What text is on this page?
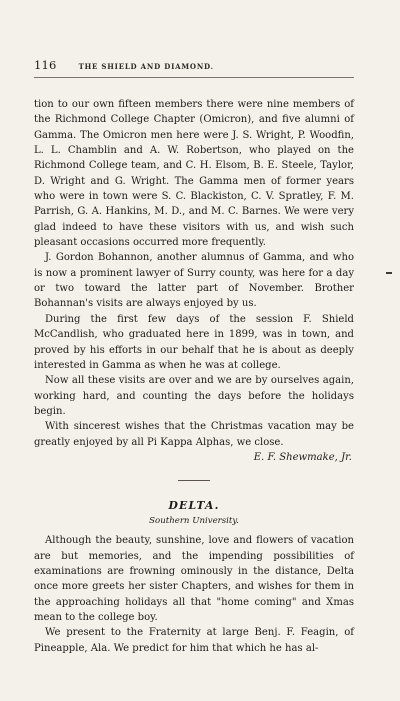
116	THE SHIELD AND DIAMOND.

tion to our own fifteen members there were nine members of the Richmond College Chapter (Omicron), and five alumni of Gamma. The Omicron men here were J. S. Wright, P. Woodfin, L. L. Chamblin and A. W. Robertson, who played on the Richmond College team, and C. H. Elsom, B. E. Steele, Taylor, D. Wright and G. Wright. The Gamma men of former years who were in town were S. C. Blackiston, C. V. Spratley, F. M. Parrish, G. A. Hankins, M. D., and M. C. Barnes. We were very glad indeed to have these visitors with us, and wish such pleasant occasions occurred more frequently.

J. Gordon Bohannon, another alumnus of Gamma, and who is now a prominent lawyer of Surry county, was here for a day or two toward the latter part of November. Brother Bohannan's visits are always enjoyed by us.

During the first few days of the session F. Shield McCandlish, who graduated here in 1899, was in town, and proved by his efforts in our behalf that he is about as deeply interested in Gamma as when he was at college.

Now all these visits are over and we are by ourselves again, working hard, and counting the days before the holidays begin.

With sincerest wishes that the Christmas vacation may be greatly enjoyed by all Pi Kappa Alphas, we close.

E. F. Shewmake, Jr.

DELTA.
Southern University.

Although the beauty, sunshine, love and flowers of vacation are but memories, and the impending possibilities of examinations are frowning ominously in the distance, Delta once more greets her sister Chapters, and wishes for them in the approaching holidays all that "home coming" and Xmas mean to the college boy.

We present to the Fraternity at large Benj. F. Feagin, of Pineapple, Ala. We predict for him that which he has al-
